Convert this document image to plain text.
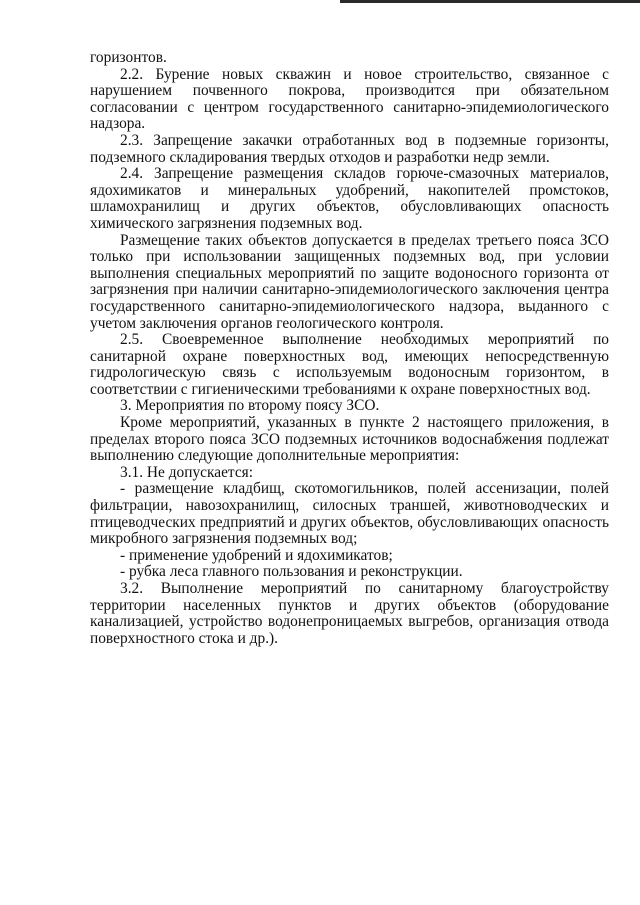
горизонтов.

2.2. Бурение новых скважин и новое строительство, связанное с нарушением почвенного покрова, производится при обязательном согласовании с центром государственного санитарно-эпидемиологического надзора.

2.3. Запрещение закачки отработанных вод в подземные горизонты, подземного складирования твердых отходов и разработки недр земли.

2.4. Запрещение размещения складов горюче-смазочных материалов, ядохимикатов и минеральных удобрений, накопителей промстоков, шламохранилищ и других объектов, обусловливающих опасность химического загрязнения подземных вод.

Размещение таких объектов допускается в пределах третьего пояса ЗСО только при использовании защищенных подземных вод, при условии выполнения специальных мероприятий по защите водоносного горизонта от загрязнения при наличии санитарно-эпидемиологического заключения центра государственного санитарно-эпидемиологического надзора, выданного с учетом заключения органов геологического контроля.

2.5. Своевременное выполнение необходимых мероприятий по санитарной охране поверхностных вод, имеющих непосредственную гидрологическую связь с используемым водоносным горизонтом, в соответствии с гигиеническими требованиями к охране поверхностных вод.

3. Мероприятия по второму поясу ЗСО.

Кроме мероприятий, указанных в пункте 2 настоящего приложения, в пределах второго пояса ЗСО подземных источников водоснабжения подлежат выполнению следующие дополнительные мероприятия:

3.1. Не допускается:

- размещение кладбищ, скотомогильников, полей ассенизации, полей фильтрации, навозохранилищ, силосных траншей, животноводческих и птицеводческих предприятий и других объектов, обусловливающих опасность микробного загрязнения подземных вод;

- применение удобрений и ядохимикатов;

- рубка леса главного пользования и реконструкции.

3.2. Выполнение мероприятий по санитарному благоустройству территории населенных пунктов и других объектов (оборудование канализацией, устройство водонепроницаемых выгребов, организация отвода поверхностного стока и др.).
